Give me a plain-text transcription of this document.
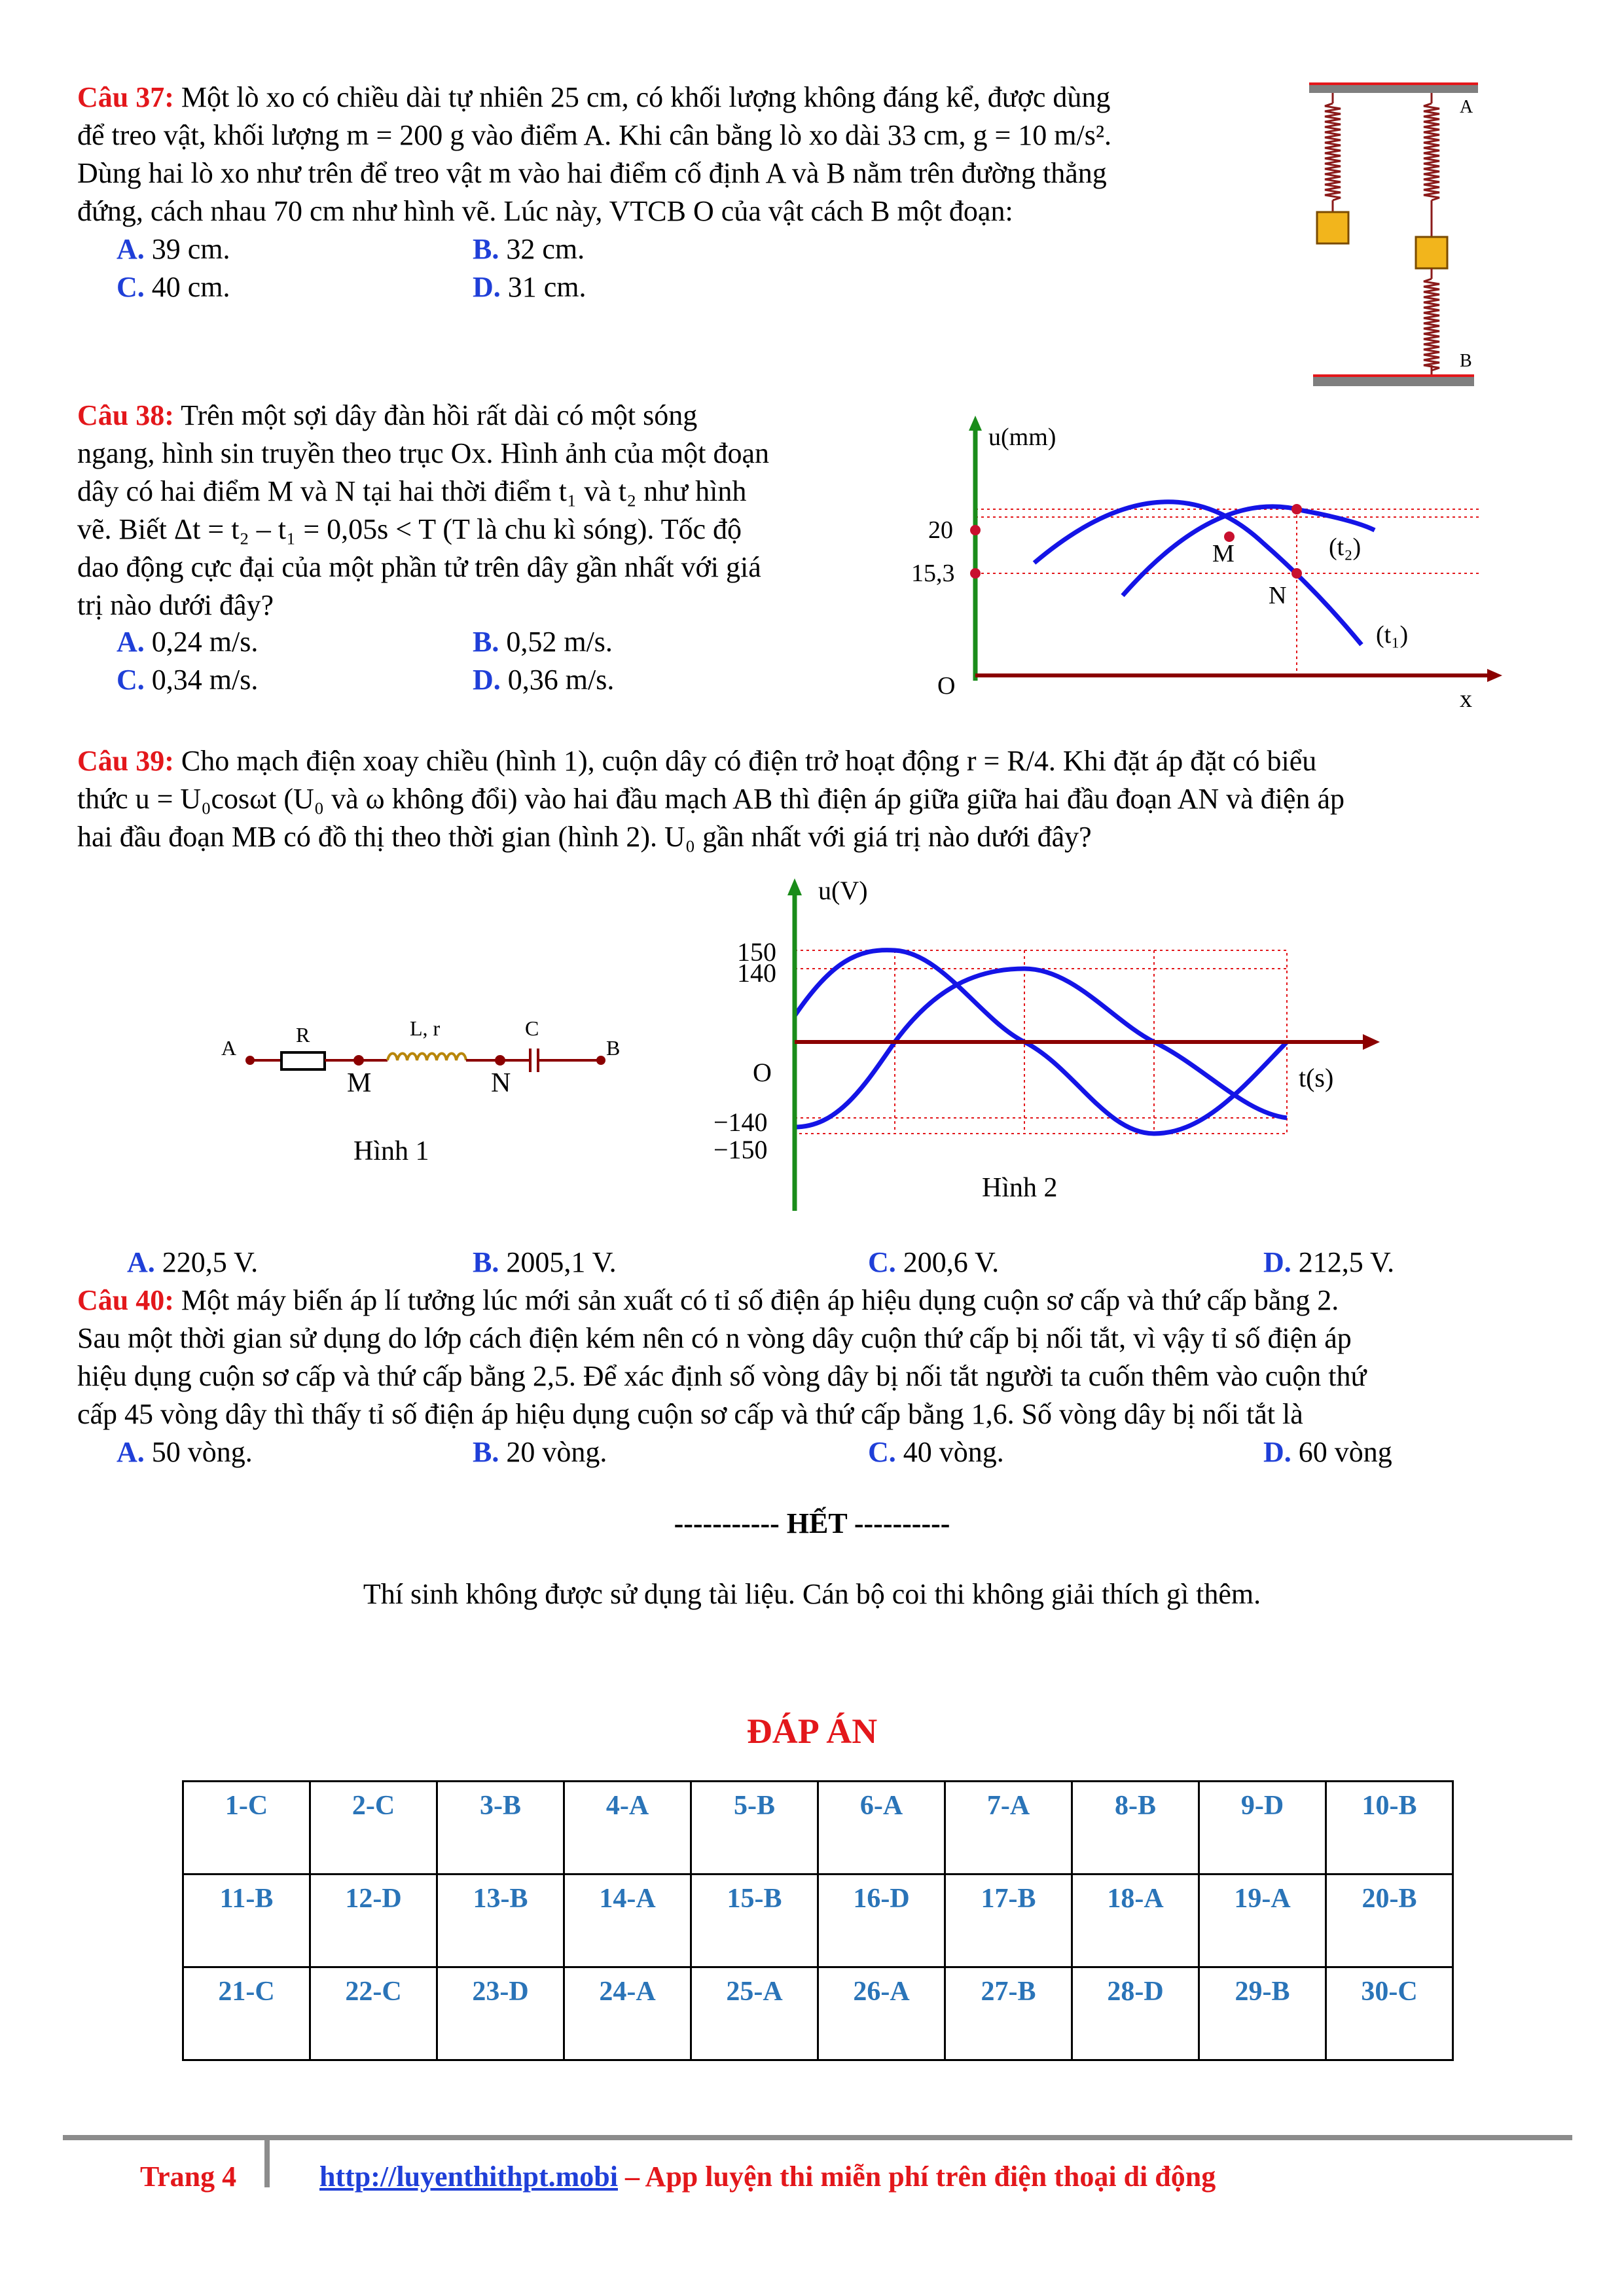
Câu 37: Một lò xo có chiều dài tự nhiên 25 cm, có khối lượng không đáng kể, được dùng
để treo vật, khối lượng m = 200 g vào điểm A. Khi cân bằng lò xo dài 33 cm, g = 10 m/s².
Dùng hai lò xo như trên để treo vật m vào hai điểm cố định A và B nằm trên đường thẳng
đứng, cách nhau 70 cm như hình vẽ. Lúc này, VTCB O của vật cách B một đoạn:
A. 39 cm.	B. 32 cm.
C. 40 cm.	D. 31 cm.
A
B
Câu 38: Trên một sợi dây đàn hồi rất dài có một sóng
ngang, hình sin truyền theo trục Ox. Hình ảnh của một đoạn
dây có hai điểm M và N tại hai thời điểm t₁ và t₂ như hình
vẽ. Biết Δt = t₂ – t₁ = 0,05s < T (T là chu kì sóng). Tốc độ
dao động cực đại của một phần tử trên dây gần nhất với giá
trị nào dưới đây?
A. 0,24 m/s.	B. 0,52 m/s.
C. 0,34 m/s.	D. 0,36 m/s.
u(mm)
x
O
20
15,3
M
N
(t₂)
(t₁)
Câu 39: Cho mạch điện xoay chiều (hình 1), cuộn dây có điện trở hoạt động r = R/4. Khi đặt áp đặt có biểu
thức u = U₀cosωt (U₀ và ω không đổi) vào hai đầu mạch AB thì điện áp giữa giữa hai đầu đoạn AN và điện áp
hai đầu đoạn MB có đồ thị theo thời gian (hình 2). U₀ gần nhất với giá trị nào dưới đây?
A	B
R	L, r	C
M	N
Hình 1
u(V)
t(s)
O
150
140
−140
−150
Hình 2
A. 220,5 V.	B. 2005,1 V.	C. 200,6 V.	D. 212,5 V.
Câu 40: Một máy biến áp lí tưởng lúc mới sản xuất có tỉ số điện áp hiệu dụng cuộn sơ cấp và thứ cấp bằng 2.
Sau một thời gian sử dụng do lớp cách điện kém nên có n vòng dây cuộn thứ cấp bị nối tắt, vì vậy tỉ số điện áp
hiệu dụng cuộn sơ cấp và thứ cấp bằng 2,5. Để xác định số vòng dây bị nối tắt người ta cuốn thêm vào cuộn thứ
cấp 45 vòng dây thì thấy tỉ số điện áp hiệu dụng cuộn sơ cấp và thứ cấp bằng 1,6. Số vòng dây bị nối tắt là
A. 50 vòng.	B. 20 vòng.	C. 40 vòng.	D. 60 vòng
----------- HẾT ----------
Thí sinh không được sử dụng tài liệu. Cán bộ coi thi không giải thích gì thêm.
ĐÁP ÁN
1-C	2-C	3-B	4-A	5-B	6-A	7-A	8-B	9-D	10-B
11-B	12-D	13-B	14-A	15-B	16-D	17-B	18-A	19-A	20-B
21-C	22-C	23-D	24-A	25-A	26-A	27-B	28-D	29-B	30-C
Trang 4	http://luyenthithpt.mobi – App luyện thi miễn phí trên điện thoại di động
